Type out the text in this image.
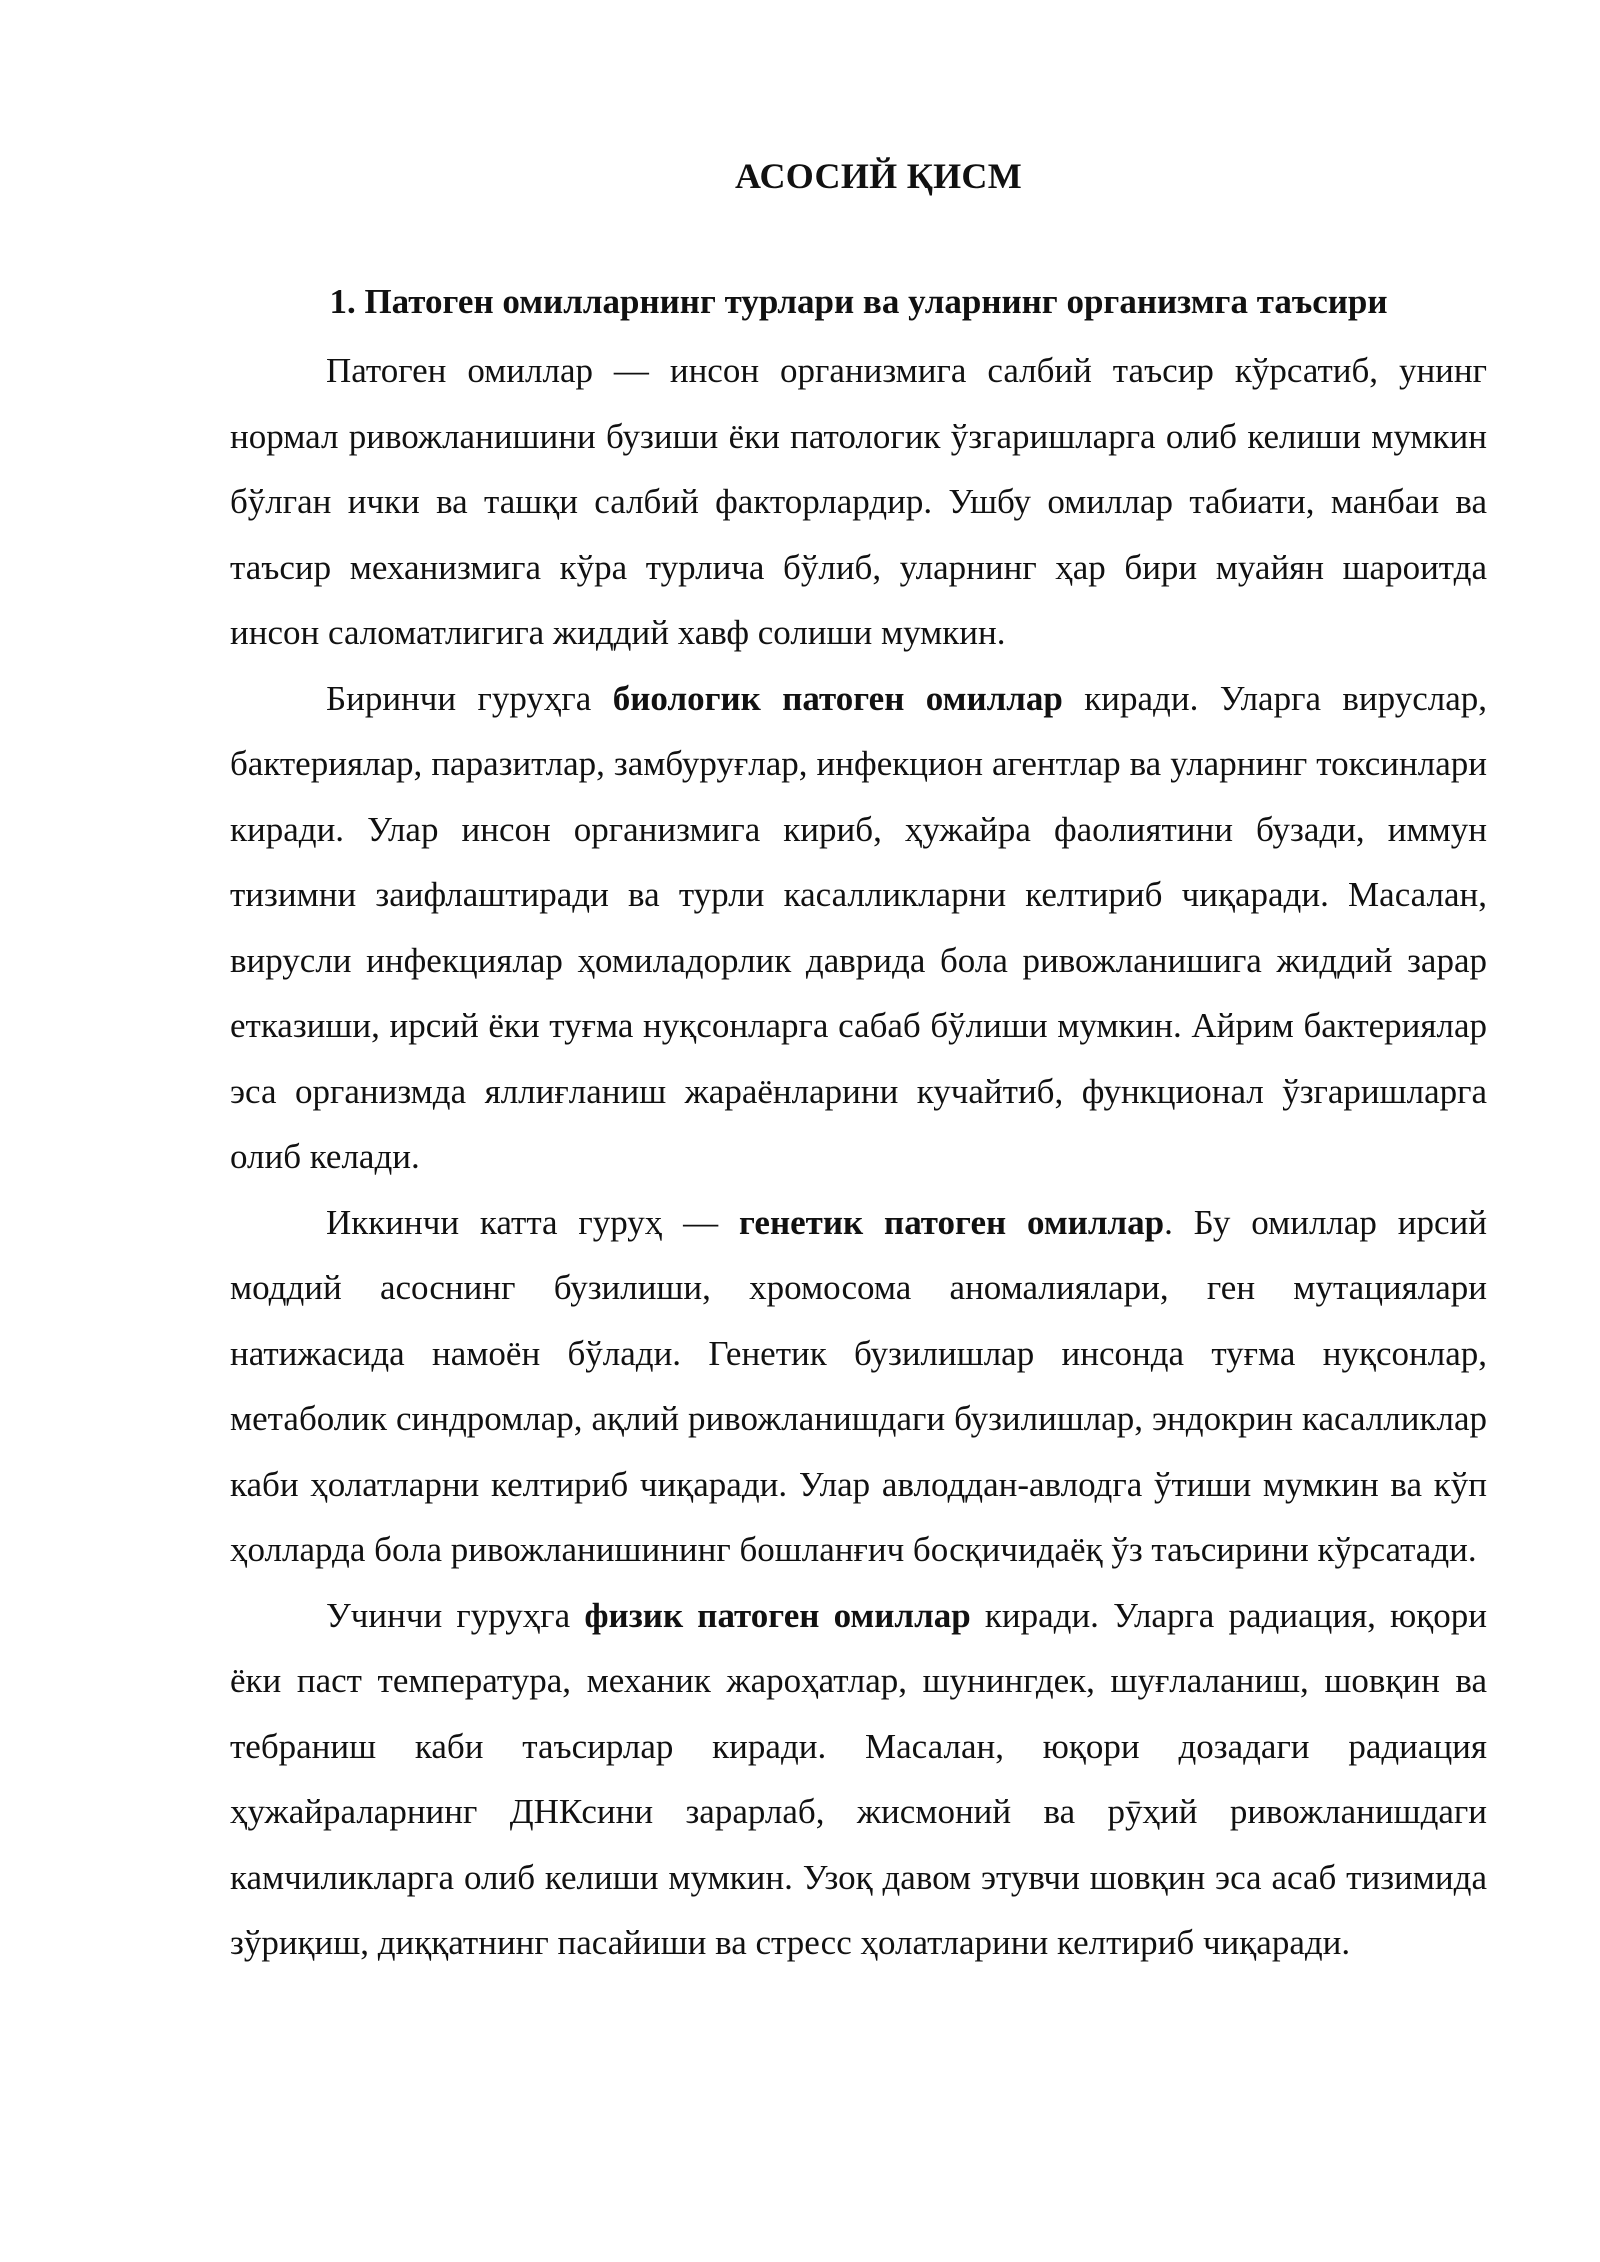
АСОСИЙ ҚИСМ
1. Патоген омилларнинг турлари ва уларнинг организмга таъсири

Патоген омиллар — инсон организмига салбий таъсир кўрсатиб, унинг нормал ривожланишини бузиши ёки патологик ўзгаришларга олиб келиши мумкин бўлган ички ва ташқи салбий факторлардир. Ушбу омиллар табиати, манбаи ва таъсир механизмига кўра турлича бўлиб, уларнинг ҳар бири муайян шароитда инсон саломатлигига жиддий хавф солиши мумкин.

Биринчи гуруҳга биологик патоген омиллар киради. Уларга вируслар, бактериялар, паразитлар, замбуруғлар, инфекцион агентлар ва уларнинг токсинлари киради. Улар инсон организмига кириб, ҳужайра фаолиятини бузади, иммун тизимни заифлаштиради ва турли касалликларни келтириб чиқаради. Масалан, вирусли инфекциялар ҳомиладорлик даврида бола ривожланишига жиддий зарар етказиши, ирсий ёки туғма нуқсонларга сабаб бўлиши мумкин. Айрим бактериялар эса организмда яллиғланиш жараёнларини кучайтиб, функционал ўзгаришларга олиб келади.

Иккинчи катта гуруҳ — генетик патоген омиллар. Бу омиллар ирсий моддий асоснинг бузилиши, хромосома аномалиялари, ген мутациялари натижасида намоён бўлади. Генетик бузилишлар инсонда туғма нуқсонлар, метаболик синдромлар, ақлий ривожланишдаги бузилишлар, эндокрин касалликлар каби ҳолатларни келтириб чиқаради. Улар авлоддан-авлодга ўтиши мумкин ва кўп ҳолларда бола ривожланишининг бошланғич босқичидаёқ ўз таъсирини кўрсатади.

Учинчи гуруҳга физик патоген омиллар киради. Уларга радиация, юқори ёки паст температура, механик жароҳатлар, шунингдек, шуғлаланиш, шовқин ва тебраниш каби таъсирлар киради. Масалан, юқори дозадаги радиация ҳужайраларнинг ДНКсини зарарлаб, жисмоний ва рӯҳий ривожланишдаги камчиликларга олиб келиши мумкин. Узоқ давом этувчи шовқин эса асаб тизимида зўриқиш, диққатнинг пасайиши ва стресс ҳолатларини келтириб чиқаради.
